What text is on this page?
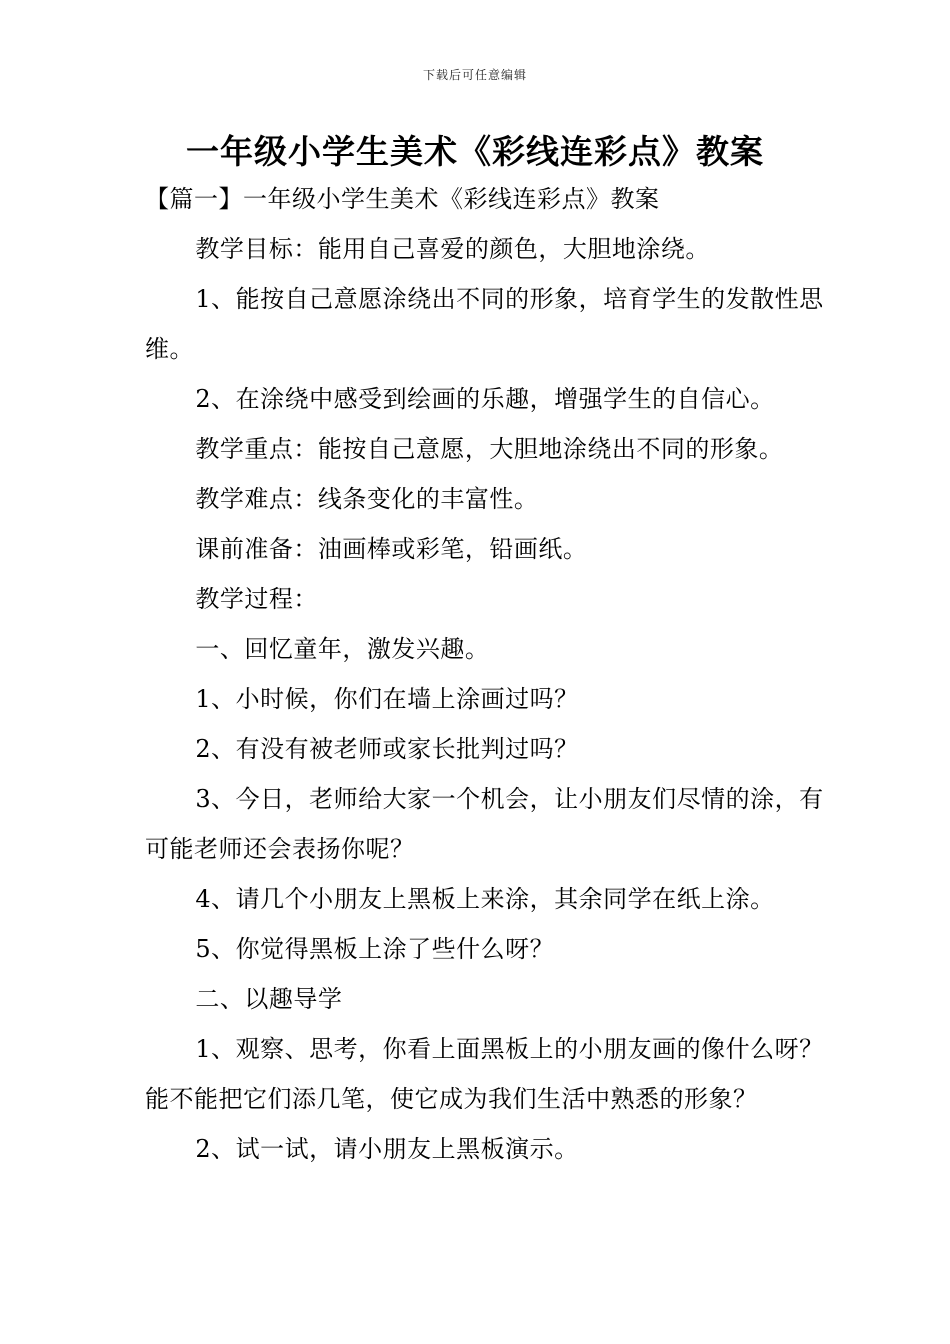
下载后可任意编辑
一年级小学生美术《彩线连彩点》教案

【篇一】一年级小学生美术《彩线连彩点》教案

教学目标：能用自己喜爱的颜色，大胆地涂绕。

1、能按自己意愿涂绕出不同的形象，培育学生的发散性思维。

2、在涂绕中感受到绘画的乐趣，增强学生的自信心。

教学重点：能按自己意愿，大胆地涂绕出不同的形象。

教学难点：线条变化的丰富性。

课前准备：油画棒或彩笔，铅画纸。

教学过程：

一、回忆童年，激发兴趣。

1、小时候，你们在墙上涂画过吗？

2、有没有被老师或家长批判过吗？

3、今日，老师给大家一个机会，让小朋友们尽情的涂，有可能老师还会表扬你呢？

4、请几个小朋友上黑板上来涂，其余同学在纸上涂。

5、你觉得黑板上涂了些什么呀？

二、以趣导学

1、观察、思考，你看上面黑板上的小朋友画的像什么呀？能不能把它们添几笔，使它成为我们生活中熟悉的形象？

2、试一试，请小朋友上黑板演示。
